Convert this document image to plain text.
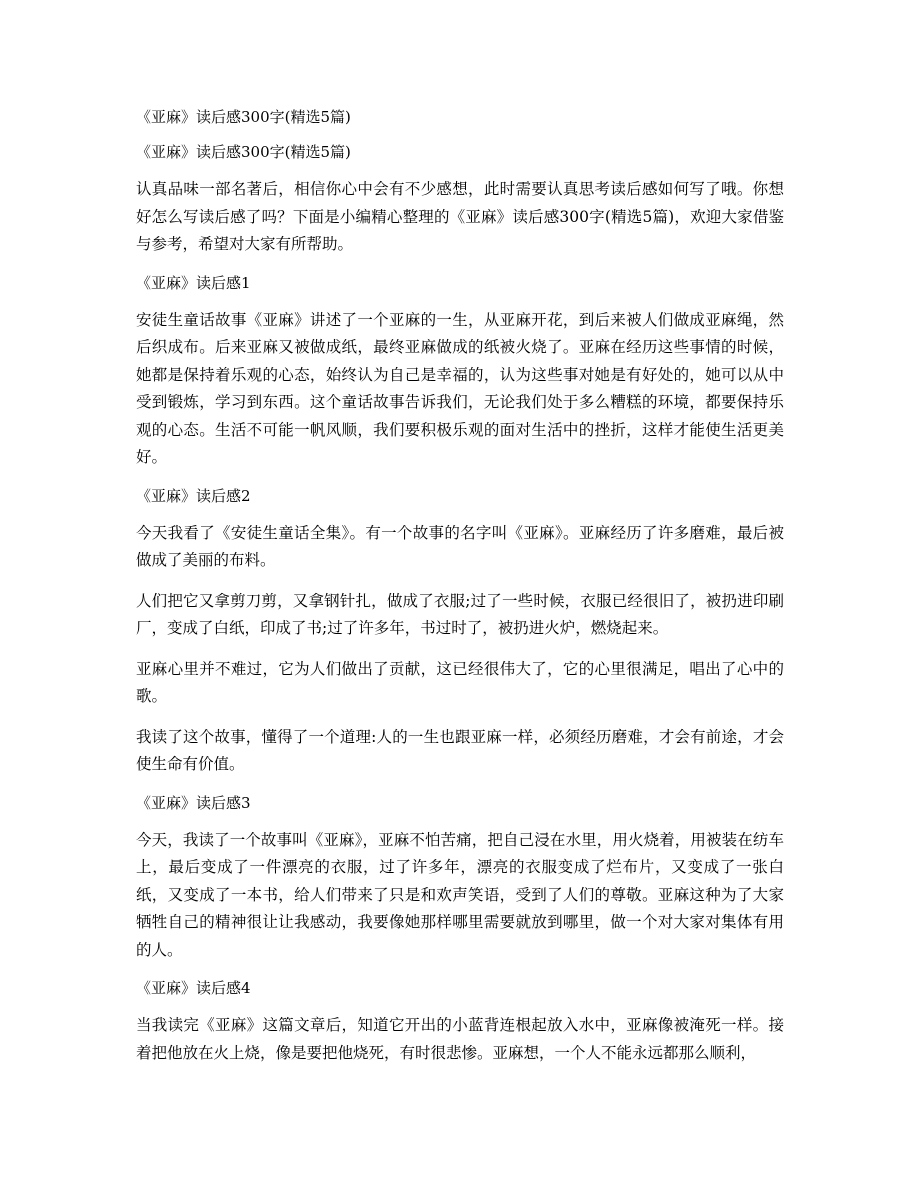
《亚麻》读后感300字(精选5篇)
《亚麻》读后感300字(精选5篇)
认真品味一部名著后，相信你心中会有不少感想，此时需要认真思考读后感如何写了哦。你想好怎么写读后感了吗？下面是小编精心整理的《亚麻》读后感300字(精选5篇)，欢迎大家借鉴与参考，希望对大家有所帮助。
《亚麻》读后感1
安徒生童话故事《亚麻》讲述了一个亚麻的一生，从亚麻开花，到后来被人们做成亚麻绳，然后织成布。后来亚麻又被做成纸，最终亚麻做成的纸被火烧了。亚麻在经历这些事情的时候，她都是保持着乐观的心态，始终认为自己是幸福的，认为这些事对她是有好处的，她可以从中受到锻炼，学习到东西。这个童话故事告诉我们，无论我们处于多么糟糕的环境，都要保持乐观的心态。生活不可能一帆风顺，我们要积极乐观的面对生活中的挫折，这样才能使生活更美好。
《亚麻》读后感2
今天我看了《安徒生童话全集》。有一个故事的名字叫《亚麻》。亚麻经历了许多磨难，最后被做成了美丽的布料。
人们把它又拿剪刀剪，又拿钢针扎，做成了衣服;过了一些时候，衣服已经很旧了，被扔进印刷厂，变成了白纸，印成了书;过了许多年，书过时了，被扔进火炉，燃烧起来。
亚麻心里并不难过，它为人们做出了贡献，这已经很伟大了，它的心里很满足，唱出了心中的歌。
我读了这个故事，懂得了一个道理:人的一生也跟亚麻一样，必须经历磨难，才会有前途，才会使生命有价值。
《亚麻》读后感3
今天，我读了一个故事叫《亚麻》，亚麻不怕苦痛，把自己浸在水里，用火烧着，用被装在纺车上，最后变成了一件漂亮的衣服，过了许多年，漂亮的衣服变成了烂布片，又变成了一张白纸，又变成了一本书，给人们带来了只是和欢声笑语，受到了人们的尊敬。亚麻这种为了大家牺牲自己的精神很让让我感动，我要像她那样哪里需要就放到哪里，做一个对大家对集体有用的人。
《亚麻》读后感4
当我读完《亚麻》这篇文章后，知道它开出的小蓝背连根起放入水中，亚麻像被淹死一样。接着把他放在火上烧，像是要把他烧死，有时很悲惨。亚麻想，一个人不能永远都那么顺利，
